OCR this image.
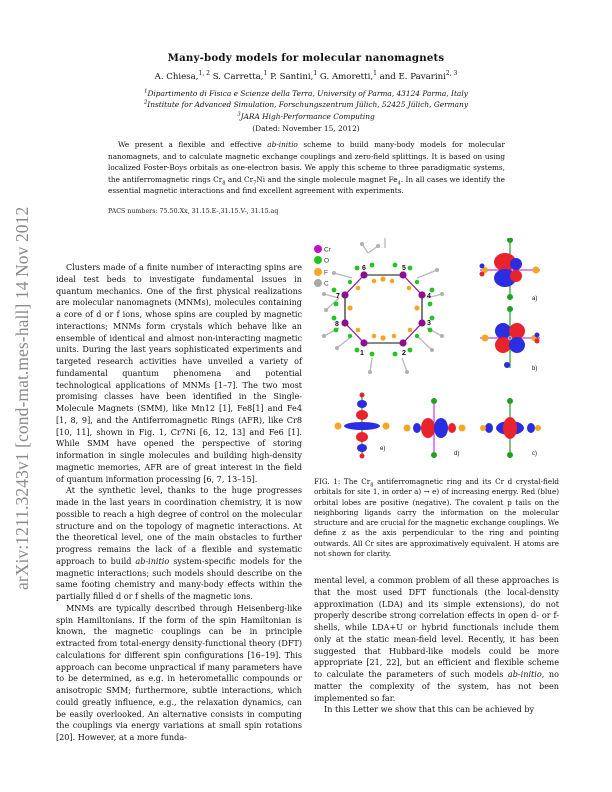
arXiv:1211.3243v1 [cond-mat.mes-hall] 14 Nov 2012
Many-body models for molecular nanomagnets
A. Chiesa,$^{1, 2}$ S. Carretta,$^1$ P. Santini,$^1$ G. Amoretti,$^1$ and E. Pavarini$^{2, 3}$
$^1$Dipartimento di Fisica e Scienze della Terra, University of Parma, 43124 Parma, Italy
$^2$Institute for Advanced Simulation, Forschungszentrum Jülich, 52425 Jülich, Germany
$^3$JARA High-Performance Computing
(Dated: November 15, 2012)
We present a flexible and effective ab-initio scheme to build many-body models for molecular nanomagnets, and to calculate magnetic exchange couplings and zero-field splittings. It is based on using localized Foster-Boys orbitals as one-electron basis. We apply this scheme to three paradigmatic systems, the antiferromagnetic rings $Cr_8$ and $Cr_7Ni$ and the single molecule magnet $Fe_4$. In all cases we identify the essential magnetic interactions and find excellent agreement with experiments.
PACS numbers: 75.50.Xx, 31.15.E-,31.15.V-, 31.15.aq

Clusters made of a finite number of interacting spins are ideal test beds to investigate fundamental issues in quantum mechanics. One of the first physical realizations are molecular nanomagnets (MNMs), molecules containing a core of d or f ions, whose spins are coupled by magnetic interactions; MNMs form crystals which behave like an ensemble of identical and almost non-interacting magnetic units. During the last years sophisticated experiments and targeted research activities have unveiled a variety of fundamental quantum phenomena and potential technological applications of MNMs [1–7]. The two most promising classes have been identified in the Single-Molecule Magnets (SMM), like Mn12 [1], Fe8[1] and Fe4 [1, 8, 9], and the Antiferromagnetic Rings (AFR), like Cr8 [10, 11], shown in Fig. 1, Cr7Ni [6, 12, 13] and Fe6 [1]. While SMM have opened the perspective of storing information in single molecules and building high-density magnetic memories, AFR are of great interest in the field of quantum information processing [6, 7, 13–15].

At the synthetic level, thanks to the huge progresses made in the last years in coordination chemistry, it is now possible to reach a high degree of control on the molecular structure and on the topology of magnetic interactions. At the theoretical level, one of the main obstacles to further progress remains the lack of a flexible and systematic approach to build ab-initio system-specific models for the magnetic interactions; such models should describe on the same footing chemistry and many-body effects within the partially filled d or f shells of the magnetic ions.

MNMs are typically described through Heisenberg-like spin Hamiltonians. If the form of the spin Hamiltonian is known, the magnetic couplings can be in principle extracted from total-energy density-functional theory (DFT) calculations for different spin configurations [16–19]. This approach can become unpractical if many parameters have to be determined, as e.g. in heterometallic compounds or anisotropic SMM; furthermore, subtle interactions, which could greatly influence, e.g., the relaxation dynamics, can be easily overlooked. An alternative consists in computing the couplings via energy variations at small spin rotations [20]. However, at a more funda-

Cr
O
F
C
1	2
3
4
5
6
7
8
a)
b)
e)
d)	c)
FIG. 1: The $Cr_8$ antiferromagnetic ring and its Cr d crystal-field orbitals for site 1, in order a) → e) of increasing energy. Red (blue) orbital lobes are positive (negative). The covalent p tails on the neighboring ligands carry the information on the molecular structure and are crucial for the magnetic exchange couplings. We define z as the axis perpendicular to the ring and pointing outwards. All Cr sites are approximatively equivalent. H atoms are not shown for clarity.

mental level, a common problem of all these approaches is that the most used DFT functionals (the local-density approximation (LDA) and its simple extensions), do not properly describe strong correlation effects in open d- or f-shells, while LDA+U or hybrid functionals include them only at the static mean-field level. Recently, it has been suggested that Hubbard-like models could be more appropriate [21, 22], but an efficient and flexible scheme to calculate the parameters of such models ab-initio, no matter the complexity of the system, has not been implemented so far.

In this Letter we show that this can be achieved by
